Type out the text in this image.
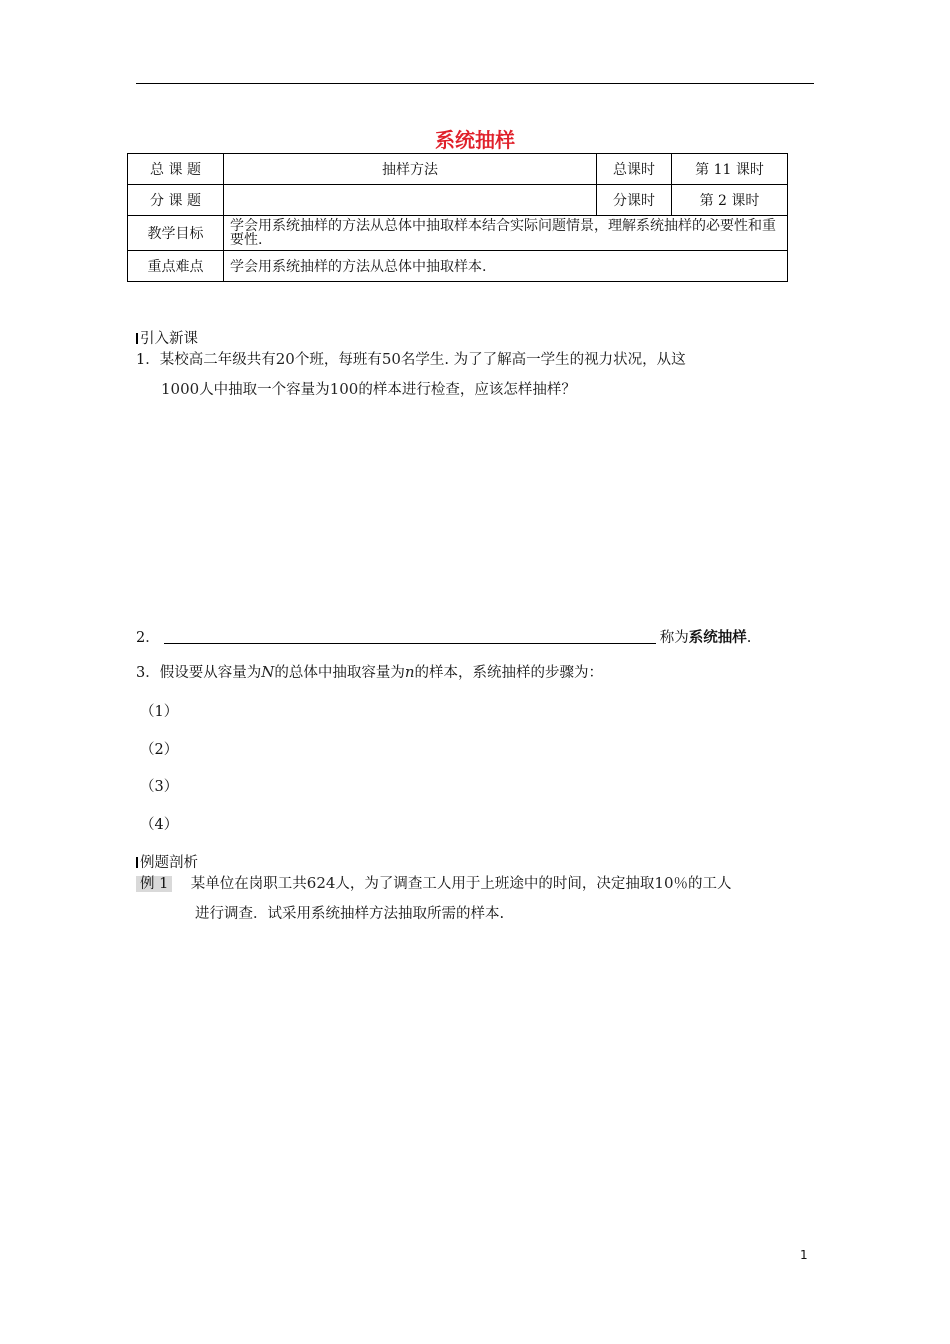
系统抽样
总 课 题	抽样方法	总课时	第 11 课时
分 课 题		分课时	第 2 课时
教学目标	学会用系统抽样的方法从总体中抽取样本结合实际问题情景，理解系统抽样的必要性和重要性.		
重点难点	学会用系统抽样的方法从总体中抽取样本.		
引入新课
1．某校高二年级共有20个班，每班有50名学生. 为了了解高一学生的视力状况，从这
1000人中抽取一个容量为100的样本进行检查，应该怎样抽样？
2．	称为系统抽样.
3．假设要从容量为N的总体中抽取容量为n的样本，系统抽样的步骤为：
（1）
（2）
（3）
（4）
例题剖析
例 1 某单位在岗职工共624人，为了调查工人用于上班途中的时间，决定抽取10％的工人
进行调查．试采用系统抽样方法抽取所需的样本.
1
